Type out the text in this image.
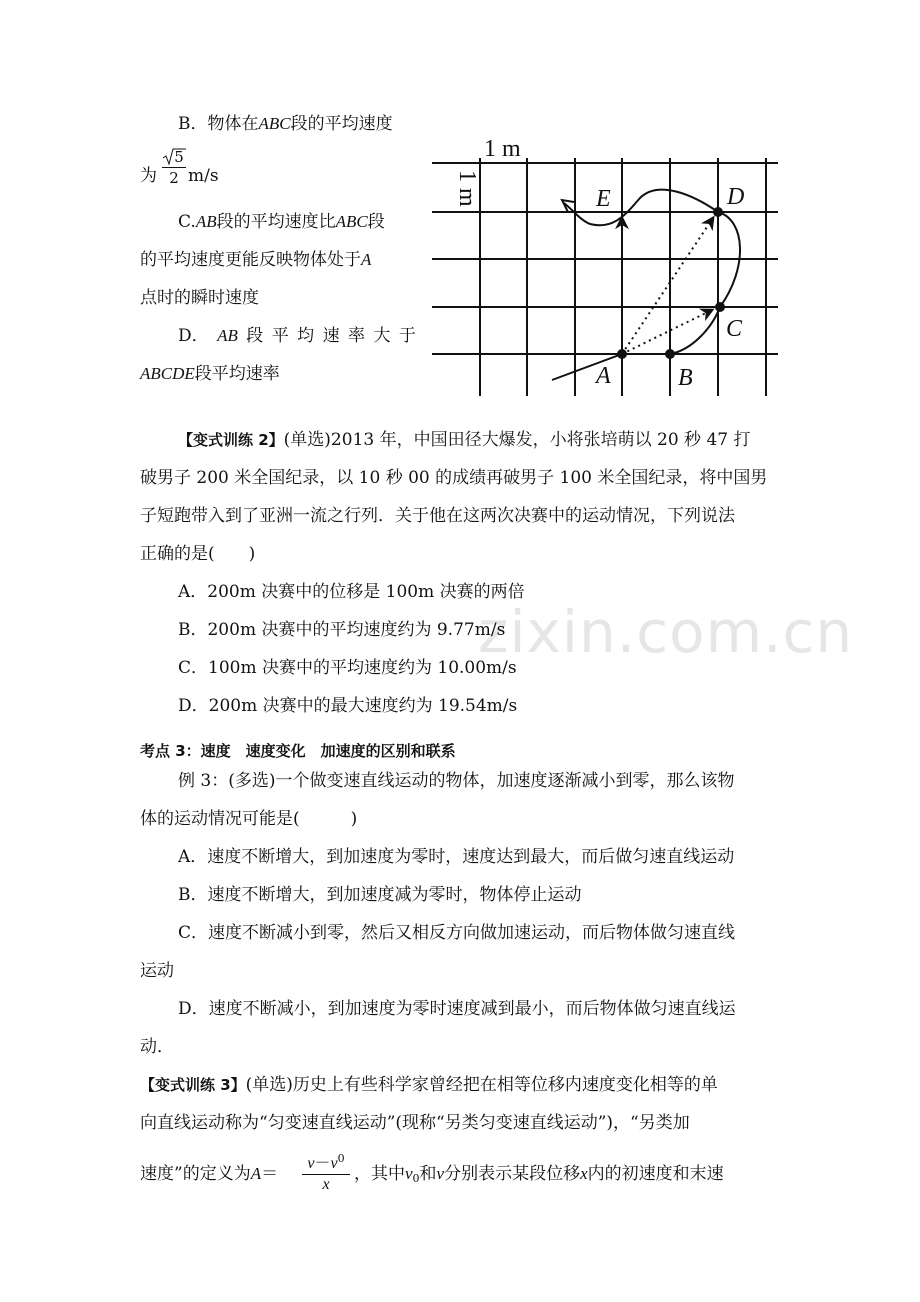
zixin.com.cn
B．物体在ABC段的平均速度
为
5
2 m/s
C.AB段的平均速度比ABC段
的平均速度更能反映物体处于A
点时的瞬时速度
D． AB 段 平 均 速 率 大 于
ABCDE段平均速率
1 m
1 m
A	B
C
D
E
【变式训练 2】(单选)2013 年，中国田径大爆发，小将张培萌以 20 秒 47 打
破男子 200 米全国纪录，以 10 秒 00 的成绩再破男子 100 米全国纪录，将中国男
子短跑带入到了亚洲一流之行列．关于他在这两次决赛中的运动情况，下列说法
正确的是(　　)
A．200m 决赛中的位移是 100m 决赛的两倍
B．200m 决赛中的平均速度约为 9.77m/s
C．100m 决赛中的平均速度约为 10.00m/s
D．200m 决赛中的最大速度约为 19.54m/s
考点 3：速度　速度变化　加速度的区别和联系
例 3：(多选)一个做变速直线运动的物体，加速度逐渐减小到零，那么该物
体的运动情况可能是(　　　)
A．速度不断增大，到加速度为零时，速度达到最大，而后做匀速直线运动
B．速度不断增大，到加速度减为零时，物体停止运动
C．速度不断减小到零，然后又相反方向做加速运动，而后物体做匀速直线
运动
D．速度不断减小，到加速度为零时速度减到最小，而后物体做匀速直线运
动．
【变式训练 3】(单选)历史上有些科学家曾经把在相等位移内速度变化相等的单
向直线运动称为“匀变速直线运动”(现称“另类匀变速直线运动”)，“另类加
速度”的定义为A＝
$v-v^0$
x
，其中$v_0$和v分别表示某段位移x内的初速度和末速
